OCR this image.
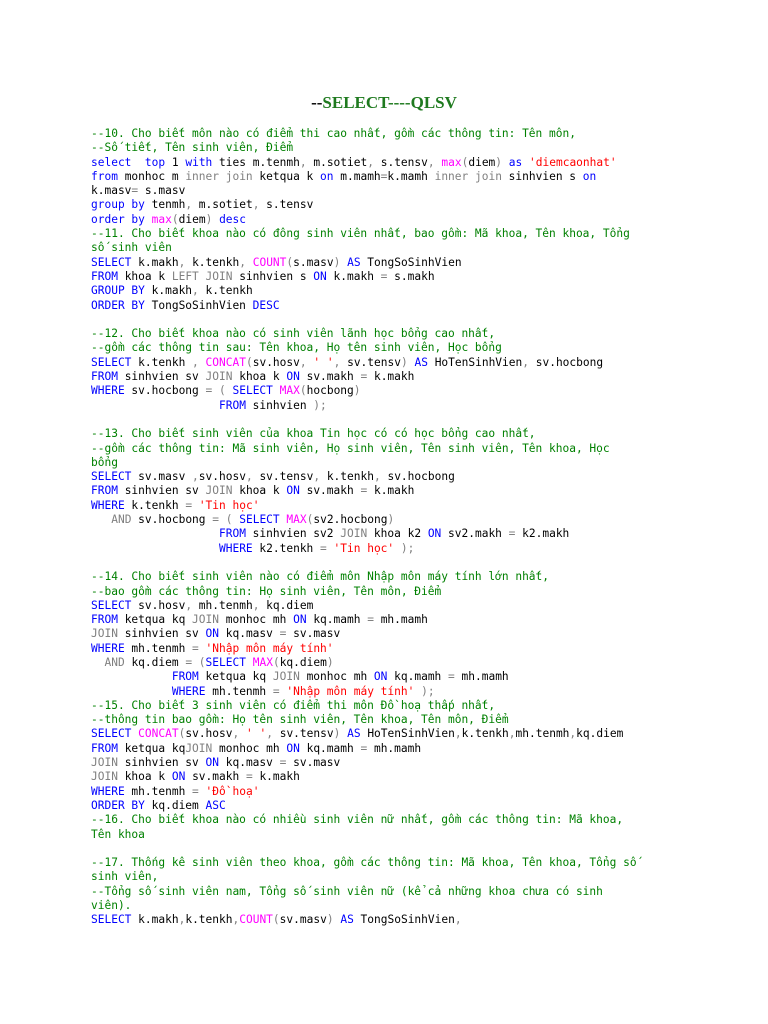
--SELECT----QLSV
--10. Cho biết môn nào có điểm thi cao nhất, gồm các thông tin: Tên môn,
--Số tiết, Tên sinh viên, Điểm
select top 1 with ties m.tenmh, m.sotiet, s.tensv, max(diem) as 'diemcaonhat'
from monhoc m inner join ketqua k on m.mamh=k.mamh inner join sinhvien s on
k.masv= s.masv
group by tenmh, m.sotiet, s.tensv
order by max(diem) desc
--11. Cho biết khoa nào có đông sinh viên nhất, bao gồm: Mã khoa, Tên khoa, Tổng
số sinh viên
SELECT k.makh, k.tenkh, COUNT(s.masv) AS TongSoSinhVien
FROM khoa k LEFT JOIN sinhvien s ON k.makh = s.makh
GROUP BY k.makh, k.tenkh
ORDER BY TongSoSinhVien DESC
--12. Cho biết khoa nào có sinh viên lãnh học bổng cao nhất,
--gồm các thông tin sau: Tên khoa, Họ tên sinh viên, Học bổng
SELECT k.tenkh , CONCAT(sv.hosv, ' ', sv.tensv) AS HoTenSinhVien, sv.hocbong
FROM sinhvien sv JOIN khoa k ON sv.makh = k.makh
WHERE sv.hocbong = ( SELECT MAX(hocbong)
FROM sinhvien );
--13. Cho biết sinh viên của khoa Tin học có có học bổng cao nhất,
--gồm các thông tin: Mã sinh viên, Họ sinh viên, Tên sinh viên, Tên khoa, Học
bổng
SELECT sv.masv ,sv.hosv, sv.tensv, k.tenkh, sv.hocbong
FROM sinhvien sv JOIN khoa k ON sv.makh = k.makh
WHERE k.tenkh = 'Tin học'
AND sv.hocbong = ( SELECT MAX(sv2.hocbong)
FROM sinhvien sv2 JOIN khoa k2 ON sv2.makh = k2.makh
WHERE k2.tenkh = 'Tin học' );
--14. Cho biết sinh viên nào có điểm môn Nhập môn máy tính lớn nhất,
--bao gồm các thông tin: Họ sinh viên, Tên môn, Điểm
SELECT sv.hosv, mh.tenmh, kq.diem
FROM ketqua kq JOIN monhoc mh ON kq.mamh = mh.mamh
JOIN sinhvien sv ON kq.masv = sv.masv
WHERE mh.tenmh = 'Nhập môn máy tính'
AND kq.diem = (SELECT MAX(kq.diem)
FROM ketqua kq JOIN monhoc mh ON kq.mamh = mh.mamh
WHERE mh.tenmh = 'Nhập môn máy tính' );
--15. Cho biết 3 sinh viên có điểm thi môn Đồ hoạ thấp nhất,
--thông tin bao gồm: Họ tên sinh viên, Tên khoa, Tên môn, Điểm
SELECT CONCAT(sv.hosv, ' ', sv.tensv) AS HoTenSinhVien,k.tenkh,mh.tenmh,kq.diem
FROM ketqua kqJOIN monhoc mh ON kq.mamh = mh.mamh
JOIN sinhvien sv ON kq.masv = sv.masv
JOIN khoa k ON sv.makh = k.makh
WHERE mh.tenmh = 'Đồ hoạ'
ORDER BY kq.diem ASC
--16. Cho biết khoa nào có nhiều sinh viên nữ nhất, gồm các thông tin: Mã khoa,
Tên khoa
--17. Thống kê sinh viên theo khoa, gồm các thông tin: Mã khoa, Tên khoa, Tổng số
sinh viên,
--Tổng số sinh viên nam, Tổng số sinh viên nữ (kể cả những khoa chưa có sinh
viên).
SELECT k.makh,k.tenkh,COUNT(sv.masv) AS TongSoSinhVien,
